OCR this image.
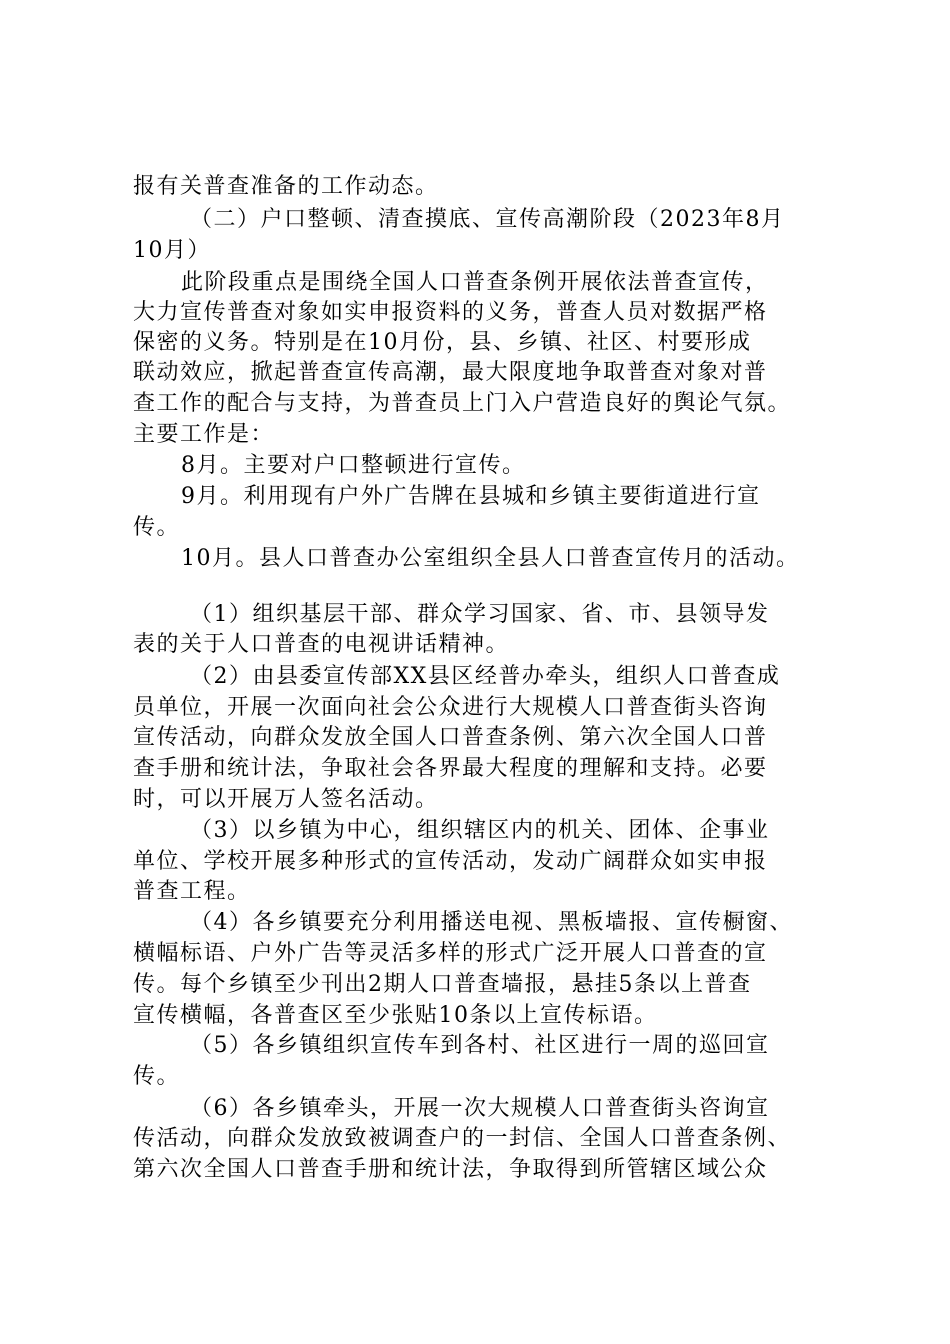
报有关普查准备的工作动态。
（二）户口整顿、清查摸底、宣传高潮阶段（2023年8月
10月）
此阶段重点是围绕全国人口普查条例开展依法普查宣传，
大力宣传普查对象如实申报资料的义务，普查人员对数据严格
保密的义务。特别是在10月份，县、乡镇、社区、村要形成
联动效应，掀起普查宣传高潮，最大限度地争取普查对象对普
查工作的配合与支持，为普查员上门入户营造良好的舆论气氛。
主要工作是：
8月。主要对户口整顿进行宣传。
9月。利用现有户外广告牌在县城和乡镇主要街道进行宣
传。
10月。县人口普查办公室组织全县人口普查宣传月的活动。
（1）组织基层干部、群众学习国家、省、市、县领导发
表的关于人口普查的电视讲话精神。
（2）由县委宣传部XX县区经普办牵头，组织人口普查成
员单位，开展一次面向社会公众进行大规模人口普查街头咨询
宣传活动，向群众发放全国人口普查条例、第六次全国人口普
查手册和统计法，争取社会各界最大程度的理解和支持。必要
时，可以开展万人签名活动。
（3）以乡镇为中心，组织辖区内的机关、团体、企事业
单位、学校开展多种形式的宣传活动，发动广阔群众如实申报
普查工程。
（4）各乡镇要充分利用播送电视、黑板墙报、宣传橱窗、
横幅标语、户外广告等灵活多样的形式广泛开展人口普查的宣
传。每个乡镇至少刊出2期人口普查墙报，悬挂5条以上普查
宣传横幅，各普查区至少张贴10条以上宣传标语。
（5）各乡镇组织宣传车到各村、社区进行一周的巡回宣
传。
（6）各乡镇牵头，开展一次大规模人口普查街头咨询宣
传活动，向群众发放致被调查户的一封信、全国人口普查条例、
第六次全国人口普查手册和统计法，争取得到所管辖区域公众
